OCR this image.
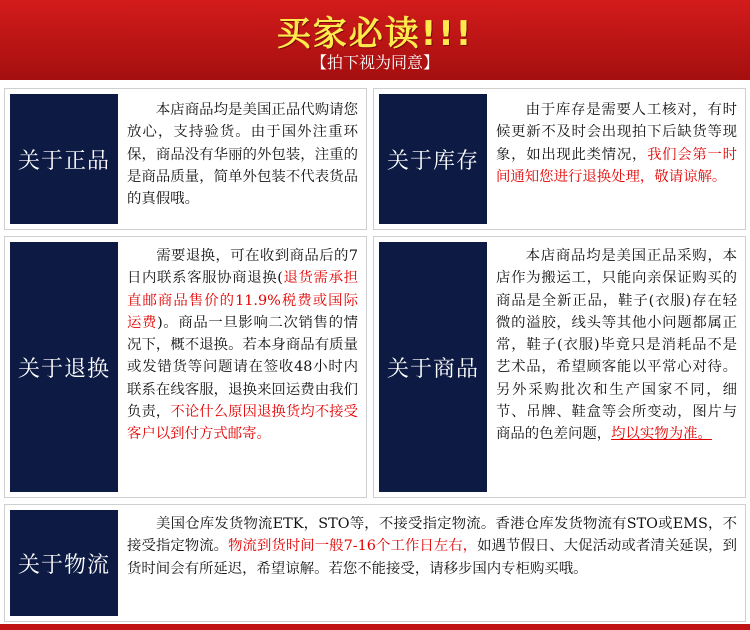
买家必读!!!
【拍下视为同意】
关于正品
本店商品均是美国正品代购请您放心，支持验货。由于国外注重环保，商品没有华丽的外包装，注重的是商品质量，简单外包装不代表货品的真假哦。
关于库存
由于库存是需要人工核对，有时候更新不及时会出现拍下后缺货等现象，如出现此类情况，我们会第一时间通知您进行退换处理，敬请谅解。
关于退换
需要退换，可在收到商品后的7日内联系客服协商退换(退货需承担直邮商品售价的11.9%税费或国际运费)。商品一旦影响二次销售的情况下，概不退换。若本身商品有质量或发错货等问题请在签收48小时内联系在线客服，退换来回运费由我们负责，不论什么原因退换货均不接受客户以到付方式邮寄。
关于商品
本店商品均是美国正品采购，本店作为搬运工，只能向亲保证购买的商品是全新正品，鞋子(衣服)存在轻微的溢胶，线头等其他小问题都属正常，鞋子(衣服)毕竟只是消耗品不是艺术品，希望顾客能以平常心对待。另外采购批次和生产国家不同，细节、吊牌、鞋盒等会所变动，图片与商品的色差问题，均以实物为准。
关于物流
美国仓库发货物流ETK，STO等，不接受指定物流。香港仓库发货物流有STO或EMS，不接受指定物流。物流到货时间一般7-16个工作日左右，如遇节假日、大促活动或者清关延误，到货时间会有所延迟，希望谅解。若您不能接受，请移步国内专柜购买哦。
